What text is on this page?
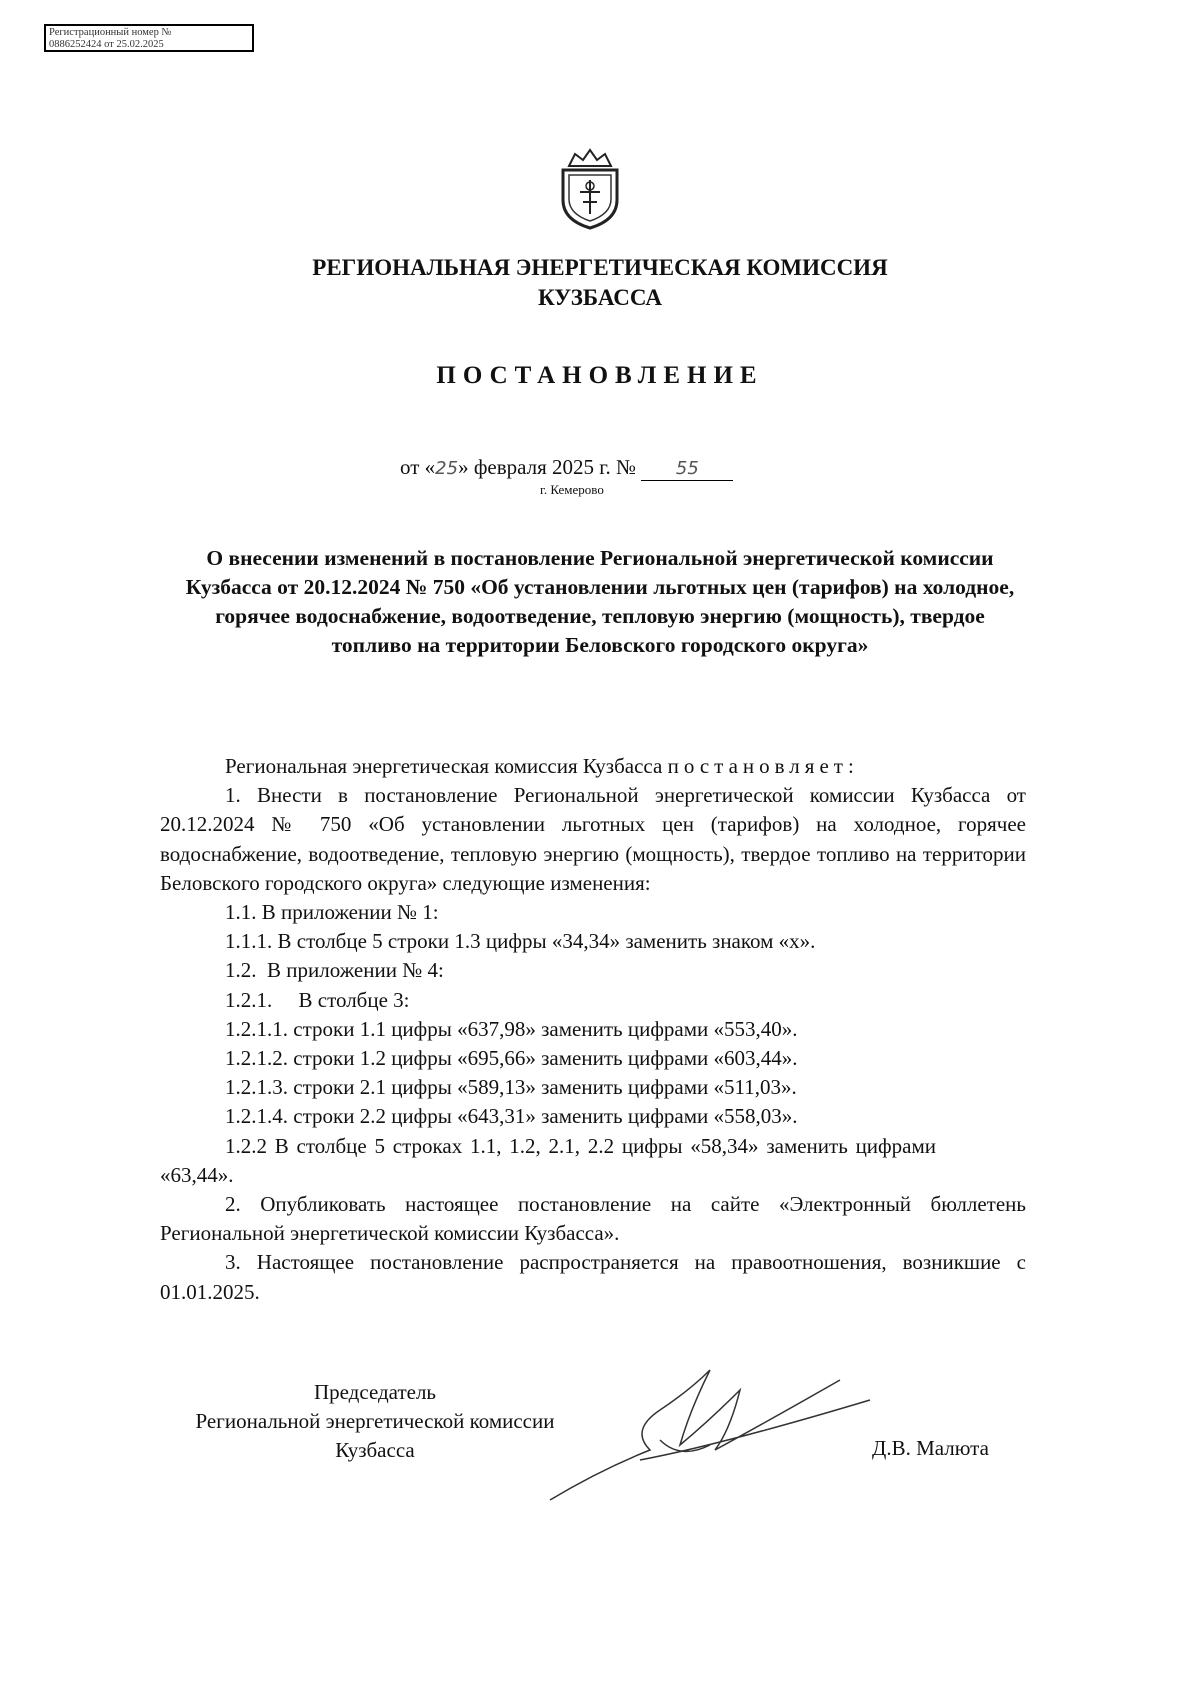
Регистрационный номер №
0886252424 от 25.02.2025
РЕГИОНАЛЬНАЯ ЭНЕРГЕТИЧЕСКАЯ КОМИССИЯ
КУЗБАССА
ПОСТАНОВЛЕНИЕ
от «25» февраля 2025 г. № 55
г. Кемерово
О внесении изменений в постановление Региональной энергетической комиссии Кузбасса от 20.12.2024 № 750 «Об установлении льготных цен (тарифов) на холодное, горячее водоснабжение, водоотведение, тепловую энергию (мощность), твердое топливо на территории Беловского городского округа»

Региональная энергетическая комиссия Кузбасса постановляет:

1. Внести в постановление Региональной энергетической комиссии Кузбасса от 20.12.2024 № 750 «Об установлении льготных цен (тарифов) на холодное, горячее водоснабжение, водоотведение, тепловую энергию (мощность), твердое топливо на территории Беловского городского округа» следующие изменения:

1.1. В приложении № 1:

1.1.1. В столбце 5 строки 1.3 цифры «34,34» заменить знаком «х».

1.2.  В приложении № 4:

1.2.1.     В столбце 3:

1.2.1.1. строки 1.1 цифры «637,98» заменить цифрами «553,40».

1.2.1.2. строки 1.2 цифры «695,66» заменить цифрами «603,44».

1.2.1.3. строки 2.1 цифры «589,13» заменить цифрами «511,03».

1.2.1.4. строки 2.2 цифры «643,31» заменить цифрами «558,03».

1.2.2 В столбце 5 строках 1.1, 1.2, 2.1, 2.2 цифры «58,34» заменить цифрами «63,44».

2. Опубликовать настоящее постановление на сайте «Электронный бюллетень Региональной энергетической комиссии Кузбасса».

3. Настоящее постановление распространяется на правоотношения, возникшие с 01.01.2025.

Председатель
Региональной энергетической комиссии
Кузбасса	Д.В. Малюта
